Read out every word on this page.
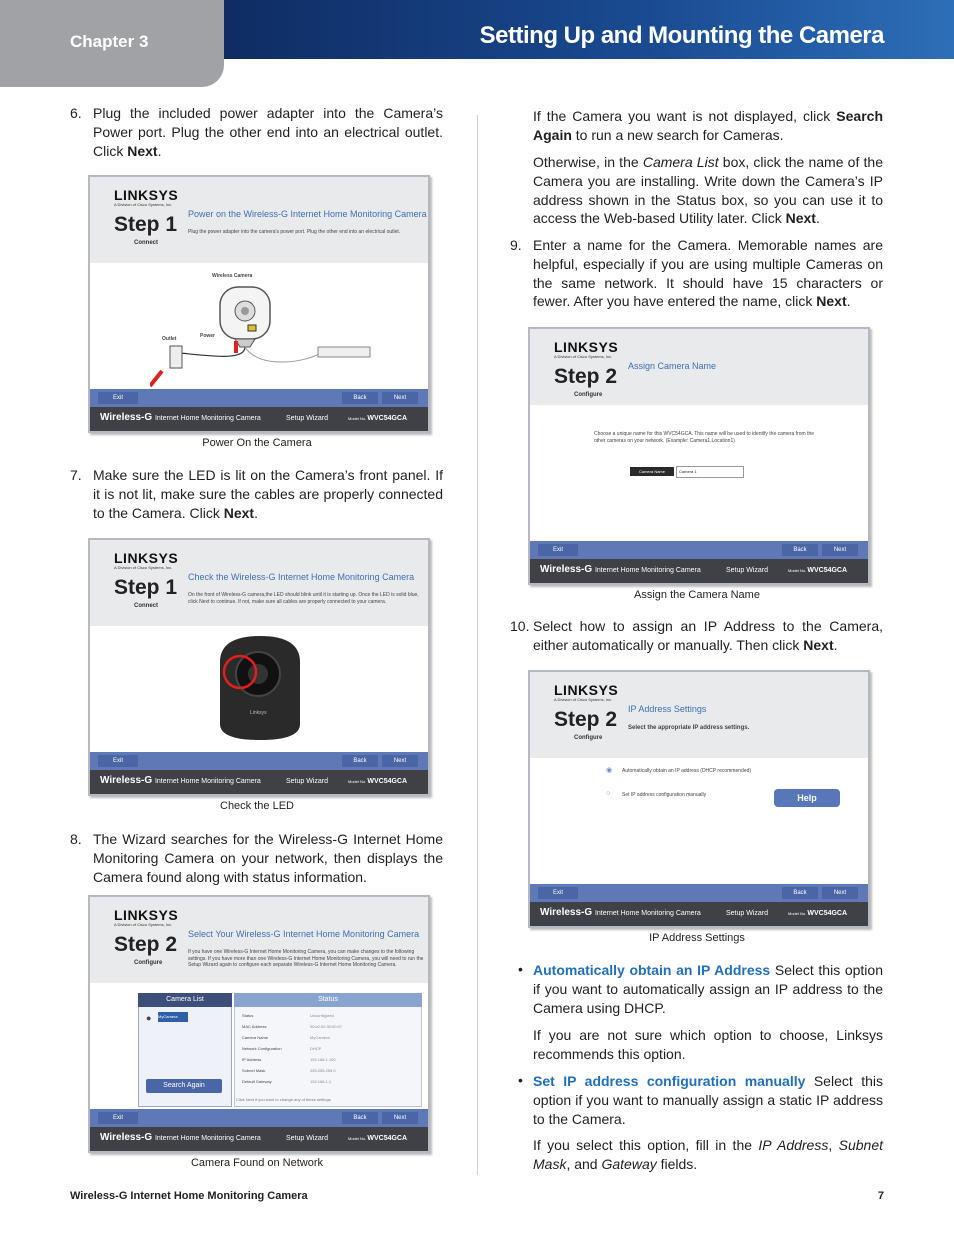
Chapter 3	Setting Up and Mounting the Camera
6. Plug the included power adapter into the Camera’s Power port. Plug the other end into an electrical outlet. Click Next.

LINKSYS
A Division of Cisco Systems, Inc.
Step 1
Connect
Power on the Wireless-G Internet Home Monitoring Camera
Plug the power adapter into the camera's power port. Plug the other end into an electrical outlet.
Wireless Camera
Outlet	Power
Exit	Back	Next
Wireless-G Internet Home Monitoring Camera	Setup Wizard	Model No. WVC54GCA
Power On the Camera
7. Make sure the LED is lit on the Camera’s front panel. If it is not lit, make sure the cables are properly connected to the Camera. Click Next.

LINKSYS
A Division of Cisco Systems, Inc.
Step 1
Connect
Check the Wireless-G Internet Home Monitoring Camera
On the front of Wireless-G camera,the LED should blink until it is starting up. Once the LED is solid blue, click Next to continue. If not, make sure all cables are properly connected to your camera.
Linksys
Exit	Back	Next
Wireless-G Internet Home Monitoring Camera	Setup Wizard	Model No. WVC54GCA
Check the LED
8. The Wizard searches for the Wireless-G Internet Home Monitoring Camera on your network, then displays the Camera found along with status information.

LINKSYS
A Division of Cisco Systems, Inc.
Step 2
Configure
Select Your Wireless-G Internet Home Monitoring Camera
If you have one Wireless-G Internet Home Monitoring Camera, you can make changes to the following settings. If you have more than one Wireless-G Internet Home Monitoring Camera, you will need to run the Setup Wizard again to configure each separate Wireless-G Internet Home Monitoring Camera.
Camera List
● MyCamera
Search Again
Status
Click Next if you want to change any of these settings
Exit	Back	Next
Wireless-G Internet Home Monitoring Camera	Setup Wizard	Model No. WVC54GCA
Status	Unconfigured
MAC Address	00:c0:02:30:00:07
Camera Name	MyCamera
Network Configuration	DHCP
IP Address	192.168.1.100
Subnet Mask	255.255.255.0
Default Gateway	192.168.1.1
Camera Found on Network

If the Camera you want is not displayed, click Search Again to run a new search for Cameras.

Otherwise, in the Camera List box, click the name of the Camera you are installing. Write down the Camera’s IP address shown in the Status box, so you can use it to access the Web-based Utility later. Click Next.

9. Enter a name for the Camera. Memorable names are helpful, especially if you are using multiple Cameras on the same network. It should have 15 characters or fewer. After you have entered the name, click Next.

LINKSYS
A Division of Cisco Systems, Inc.
Step 2
Configure
Assign Camera Name
Choose a unique name for this WVC54GCA. This name will be used to identify the camera from the other cameras on your network. (Example: Camera1,Location1)
Camera Name	Camera 1
Exit	Back	Next
Wireless-G Internet Home Monitoring Camera	Setup Wizard	Model No. WVC54GCA
Assign the Camera Name
10. Select how to assign an IP Address to the Camera, either automatically or manually. Then click Next.

LINKSYS
A Division of Cisco Systems, Inc.
Step 2
Configure
IP Address Settings
Select the appropriate IP address settings.
◉ Automatically obtain an IP address (DHCP recommended)
○ Set IP address configuration manually	Help
Exit	Back	Next
Wireless-G Internet Home Monitoring Camera	Setup Wizard	Model No. WVC54GCA
IP Address Settings
• Automatically obtain an IP Address Select this option if you want to automatically assign an IP address to the Camera using DHCP.

If you are not sure which option to choose, Linksys recommends this option.

• Set IP address configuration manually Select this option if you want to manually assign a static IP address to the Camera.

If you select this option, fill in the IP Address, Subnet Mask, and Gateway fields.

Wireless-G Internet Home Monitoring Camera	7
